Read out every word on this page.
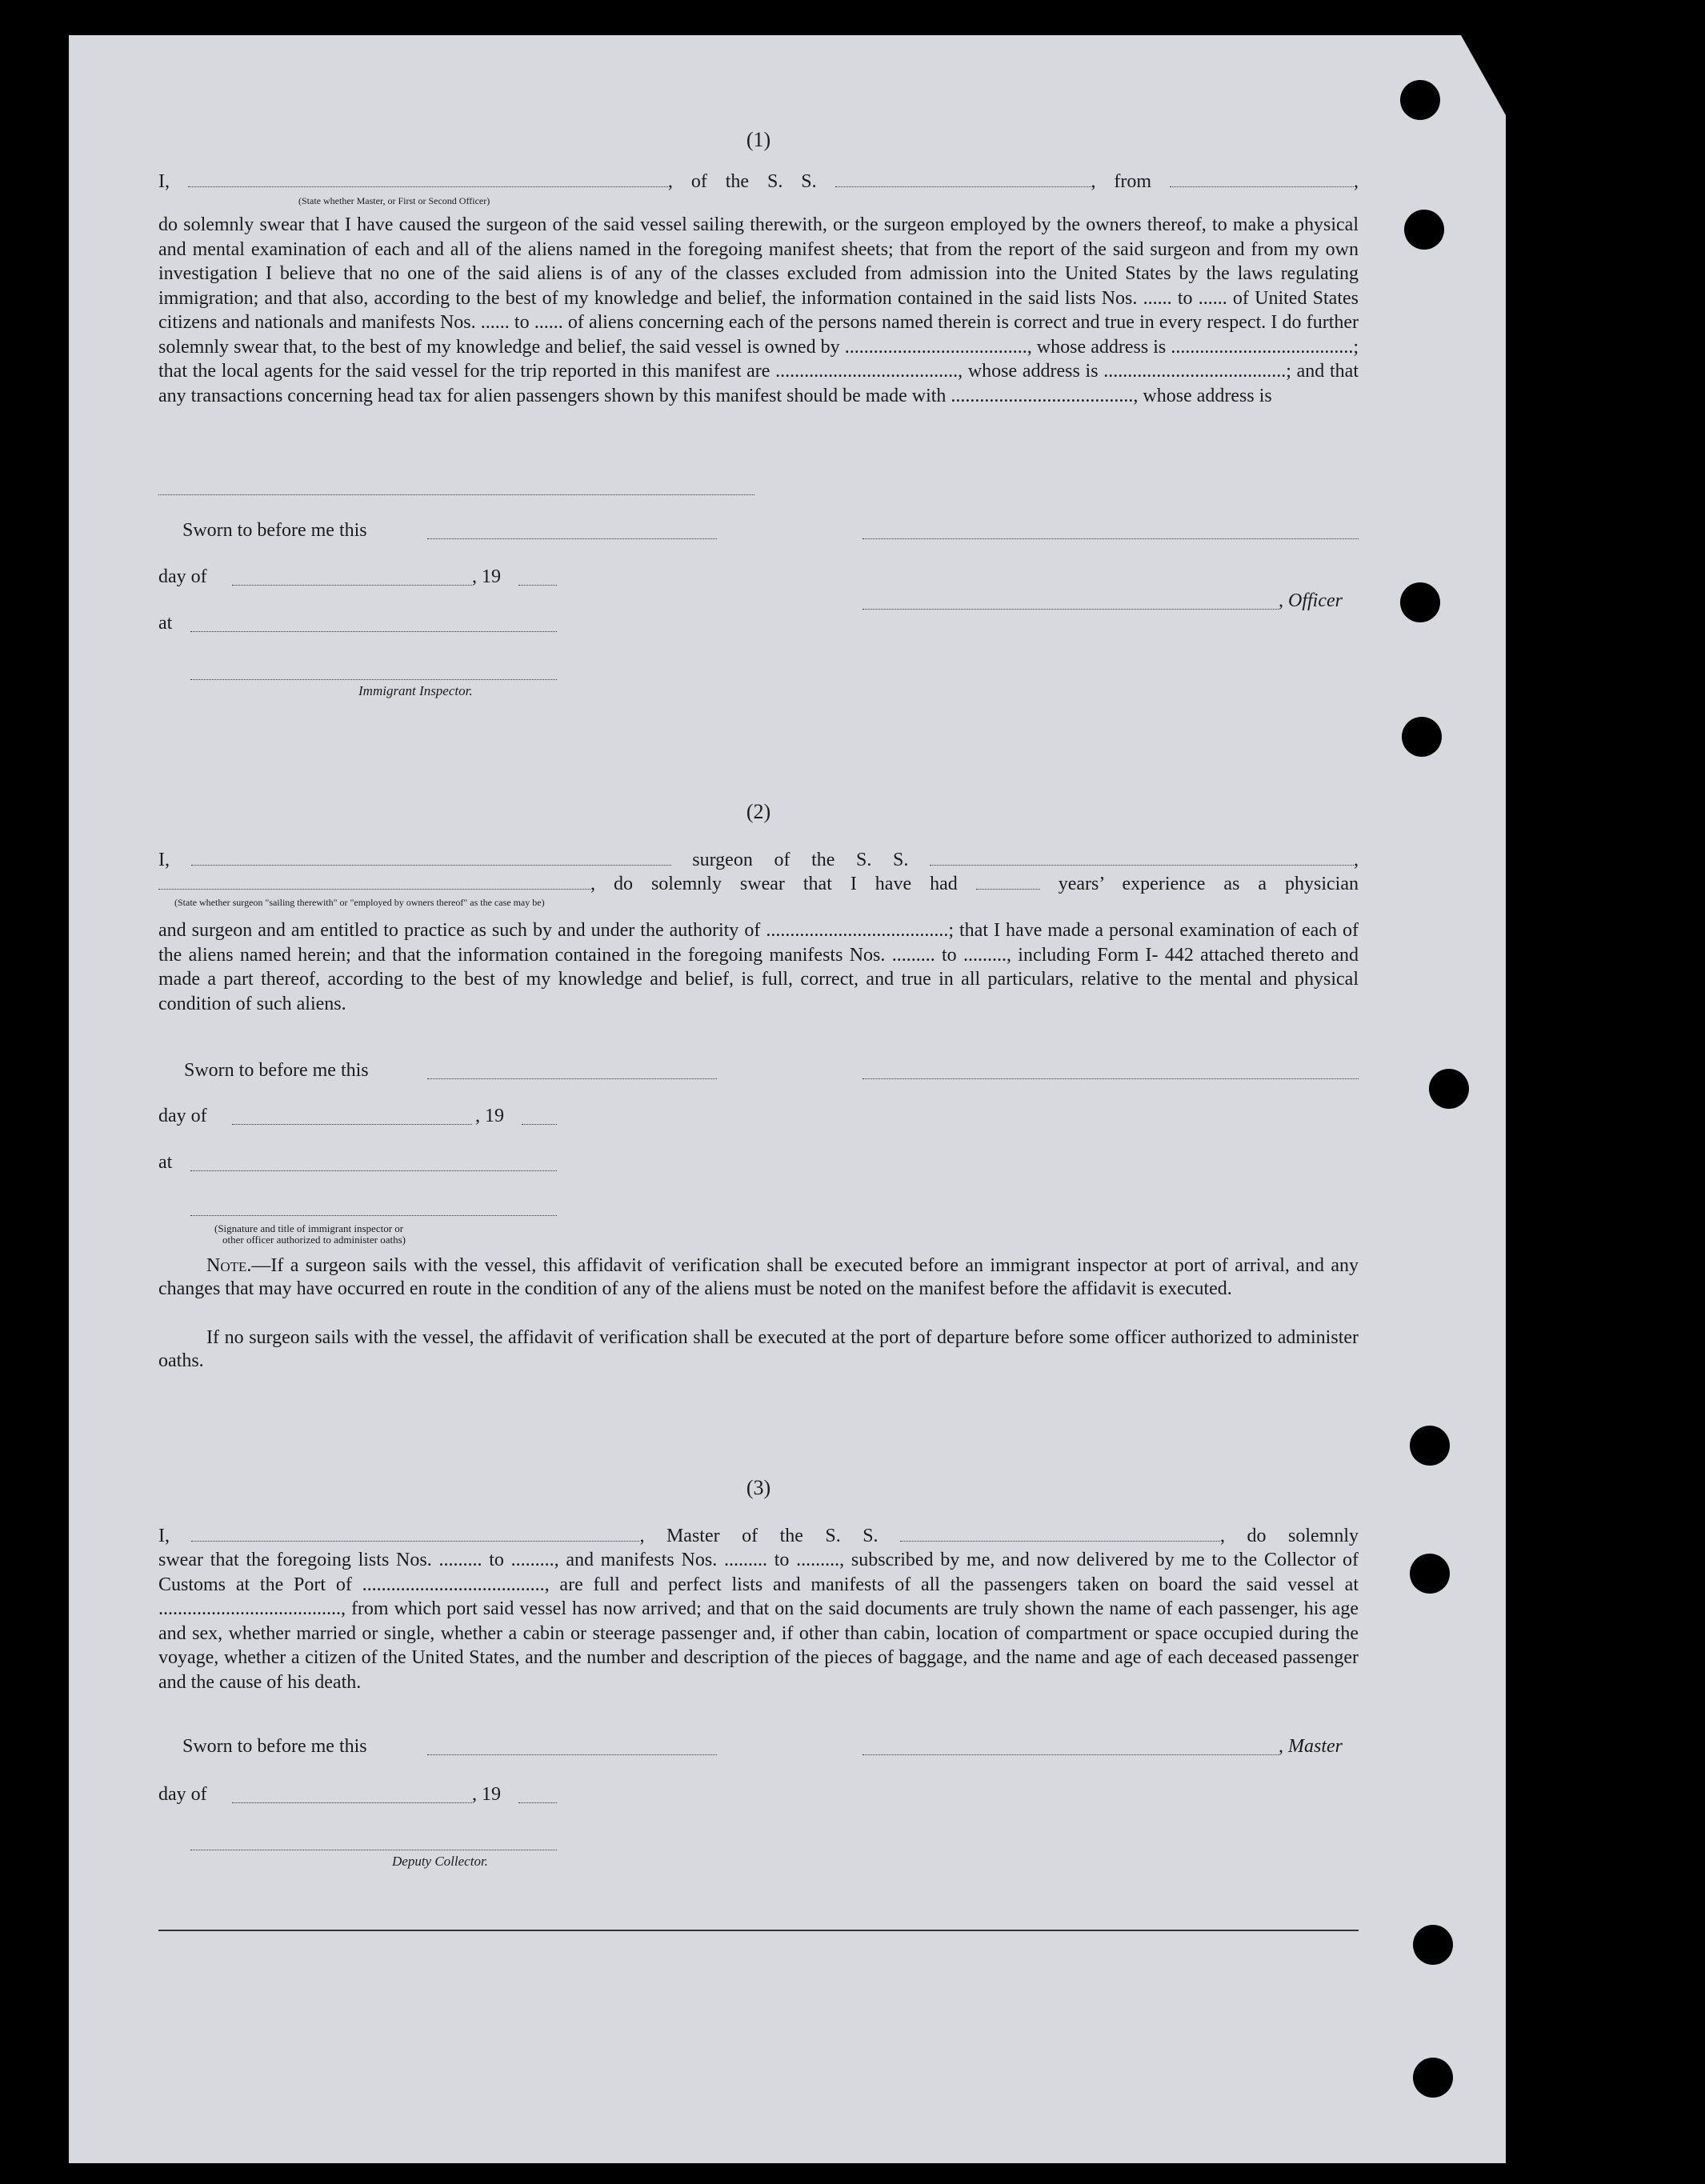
(1)
I,	, of the S. S.	, from	,
(State whether Master, or First or Second Officer)
do solemnly swear that I have caused the surgeon of the said vessel sailing therewith, or the surgeon employed by the owners thereof, to make a physical and mental examination of each and all of the aliens named in the foregoing manifest sheets; that from the report of the said surgeon and from my own investigation I believe that no one of the said aliens is of any of the classes excluded from admission into the United States by the laws regulating immigration; and that also, according to the best of my knowledge and belief, the information contained in the said lists Nos. ...... to ...... of United States citizens and nationals and manifests Nos. ...... to ...... of aliens concerning each of the persons named therein is correct and true in every respect. I do further solemnly swear that, to the best of my knowledge and belief, the said vessel is owned by ......................................, whose address is ......................................; that the local agents for the said vessel for the trip reported in this manifest are ......................................, whose address is ......................................; and that any transactions concerning head tax for alien passengers shown by this manifest should be made with ......................................, whose address is
Sworn to before me this
day of	, 19
, Officer
at
Immigrant Inspector.
(2)
I,	surgeon of the S. S.	,
, do solemnly swear that I have had	years’ experience as a physician
(State whether surgeon "sailing therewith" or "employed by owners thereof" as the case may be)
and surgeon and am entitled to practice as such by and under the authority of ......................................; that I have made a personal examination of each of the aliens named herein; and that the information contained in the foregoing manifests Nos. ......... to ........., including Form I- 442 attached thereto and made a part thereof, according to the best of my knowledge and belief, is full, correct, and true in all particulars, relative to the mental and physical condition of such aliens.
Sworn to before me this
day of	, 19
at
(Signature and title of immigrant inspector or
other officer authorized to administer oaths)
Note.—If a surgeon sails with the vessel, this affidavit of verification shall be executed before an immigrant inspector at port of arrival, and any changes that may have occurred en route in the condition of any of the aliens must be noted on the manifest before the affidavit is executed.
If no surgeon sails with the vessel, the affidavit of verification shall be executed at the port of departure before some officer authorized to administer oaths.
(3)
I,	, Master of the S. S.	, do solemnly
swear that the foregoing lists Nos. ......... to ........., and manifests Nos. ......... to ........., subscribed by me, and now delivered by me to the Collector of Customs at the Port of ......................................, are full and perfect lists and manifests of all the passengers taken on board the said vessel at ......................................, from which port said vessel has now arrived; and that on the said documents are truly shown the name of each passenger, his age and sex, whether married or single, whether a cabin or steerage passenger and, if other than cabin, location of compartment or space occupied during the voyage, whether a citizen of the United States, and the number and description of the pieces of baggage, and the name and age of each deceased passenger and the cause of his death.
Sworn to before me this	, Master
day of	, 19
Deputy Collector.
